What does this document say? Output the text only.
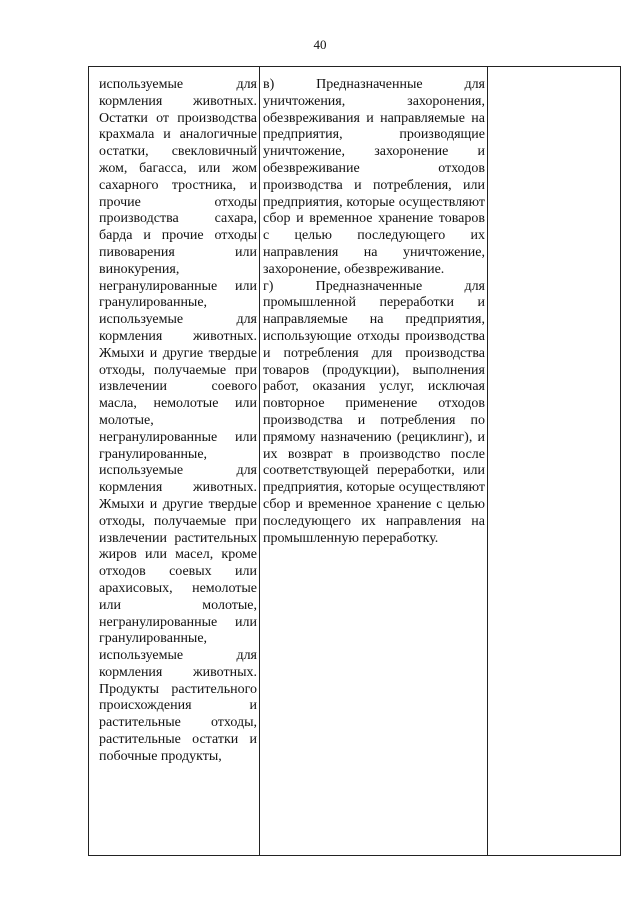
40

используемые для кормления животных. Остатки от производства крахмала и аналогичные остатки, свекловичный жом, багасса, или жом сахарного тростника, и прочие отходы производства сахара, барда и прочие отходы пивоварения или винокурения, негранулированные или гранулированные, используемые для кормления животных. Жмыхи и другие твердые отходы, получаемые при извлечении соевого масла, немолотые или молотые, негранулированные или гранулированные, используемые для кормления животных. Жмыхи и другие твердые отходы, получаемые при извлечении растительных жиров или масел, кроме отходов соевых или арахисовых, немолотые или молотые, негранулированные или гранулированные, используемые для кормления животных. Продукты растительного происхождения и растительные отходы, растительные остатки и побочные продукты,

в) Предназначенные для уничтожения, захоронения, обезвреживания и направляемые на предприятия, производящие уничтожение, захоронение и обезвреживание отходов производства и потребления, или предприятия, которые осуществляют сбор и временное хранение товаров с целью последующего их направления на уничтожение, захоронение, обезвреживание.
г) Предназначенные для промышленной переработки и направляемые на предприятия, использующие отходы производства и потребления для производства товаров (продукции), выполнения работ, оказания услуг, исключая повторное применение отходов производства и потребления по прямому назначению (рециклинг), и их возврат в производство после соответствующей переработки, или предприятия, которые осуществляют сбор и временное хранение с целью последующего их направления на промышленную переработку.
